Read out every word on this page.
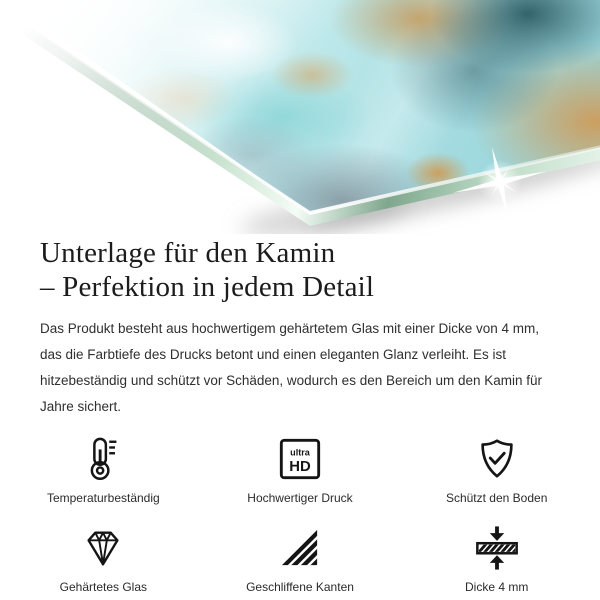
Unterlage für den Kamin
– Perfektion in jedem Detail

Das Produkt besteht aus hochwertigem gehärtetem Glas mit einer Dicke von 4 mm, das die Farbtiefe des Drucks betont und einen eleganten Glanz verleiht. Es ist hitzebeständig und schützt vor Schäden, wodurch es den Bereich um den Kamin für Jahre sichert.

Temperaturbeständig
ultra
HD
Hochwertiger Druck	Schützt den Boden
Gehärtetes Glas	Geschliffene Kanten	Dicke 4 mm
